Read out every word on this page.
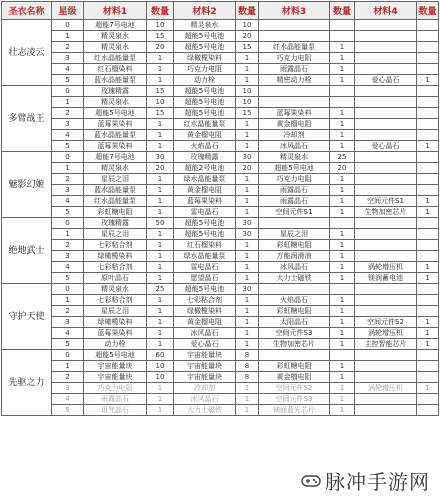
圣衣名称	星级	材料1	数量	材料2	数量	材料3	数量	材料4	数量
壮志凌云	0	超能7号电池	10	精灵泉水	10				
	1	精灵泉水	15	超能5号电池	20				
	2	精灵泉水	20	超能5号电池	15	红水晶能量泵	1		
	3	红水晶能量泵	1	绿橄榄染料	1	巧克力电阻	1		
	4	红石榴染料	1	巧克力电阻	1	雨露晶石	1		
	5	蓝水晶能量泵	1	动力栓	1	精密动力栓	1	爱心晶石	1
多臂战王	0	玫瑰精露	15	超能5号电池	10				
	1	精灵泉水	10	超能5号电池	10				
	2	超能5号电池	15	超能5号电池	15	蓝莓果染料	1		
	3	蓝莓果染料	1	红水晶能量泵	1	黄金榴电阻	1		
	4	蓝水晶能量泵	1	黄金榴电阻	1	冷却剂	1		
	5	蓝莓果染料	1	火焰晶石	1	冰风晶石	1	爱心晶石	1
魅影幻姬	0	超能7号电池	30	玫瑰精露	30	精灵泉水	25		
	1	精灵泉水	20	超能2号电池	20	超能5号电池	20		
	2	星辰之泪	1	绿水晶能量泵	1	巧克力电阻	1		
	3	蓝水晶能量泵	1	黄金榴电阻	1	雨露晶石	1		
	4	红水晶能量泵	1	蓝莓果染料	1	雨露晶石	1	空间元件S1	1
	5	彩虹糖电阻	1	雷电晶石	1	空间元件S1	1	生物加密芯片	1
绝地武士	0	玫瑰精露	50	超能5号电池	30				
	1	星辰之泪	1	超能5号电池	30	星辰之泪	1		
	2	七彩粘合剂	1	红石榴染料	1	彩虹糖电阻	1		
	3	绿橄榄染料	1	绿水晶能量泵	1	万能润滑油	1		
	4	七彩粘合剂	1	雷电晶石	1	冰风晶石	1	涡轮增压机	1
	5	原叶晶石	1	愿望晶石	1	大力士磁铁	1	镁润蓄电池	1
守护天使	0	精灵泉水	25	超能5号电池	30				
	1	七彩粘合剂	1	七彩粘合剂	1	火焰晶石	1		
	2	星辰之泪	1	绿橄榄染料	1	彩虹糖电阻	1		
	3	绿橄榄染料	1	黄金榴电阻	1	太阳晶石	1	空间元件S2	1
	4	蓝莓果染料	1	冰风晶石	1	空间元件S3	1	涡轮增压机	1
	5	动力栓	1	爱心晶石	1	生物加密芯片	1	主控智能芯片	1
先驱之力	0	超能5号电池	60	宇宙能量块	8				
	1	宇宙能量块	10	宇宙能量块	8	彩虹糖电阻	1		
	2	宇宙能量块	10	宇宙能量块	8	黄金榴电阻	1		
	3	巧克力电阻	1	冷却剂	1	空间元件S2	1	涡轮增压机	1
	4	雨露晶石	1	冰风晶石	1	空间元件S3	1		
	5	诅咒晶石	1	大力士磁铁	1	镁面蓝光芯片	1		
脉冲手游网
